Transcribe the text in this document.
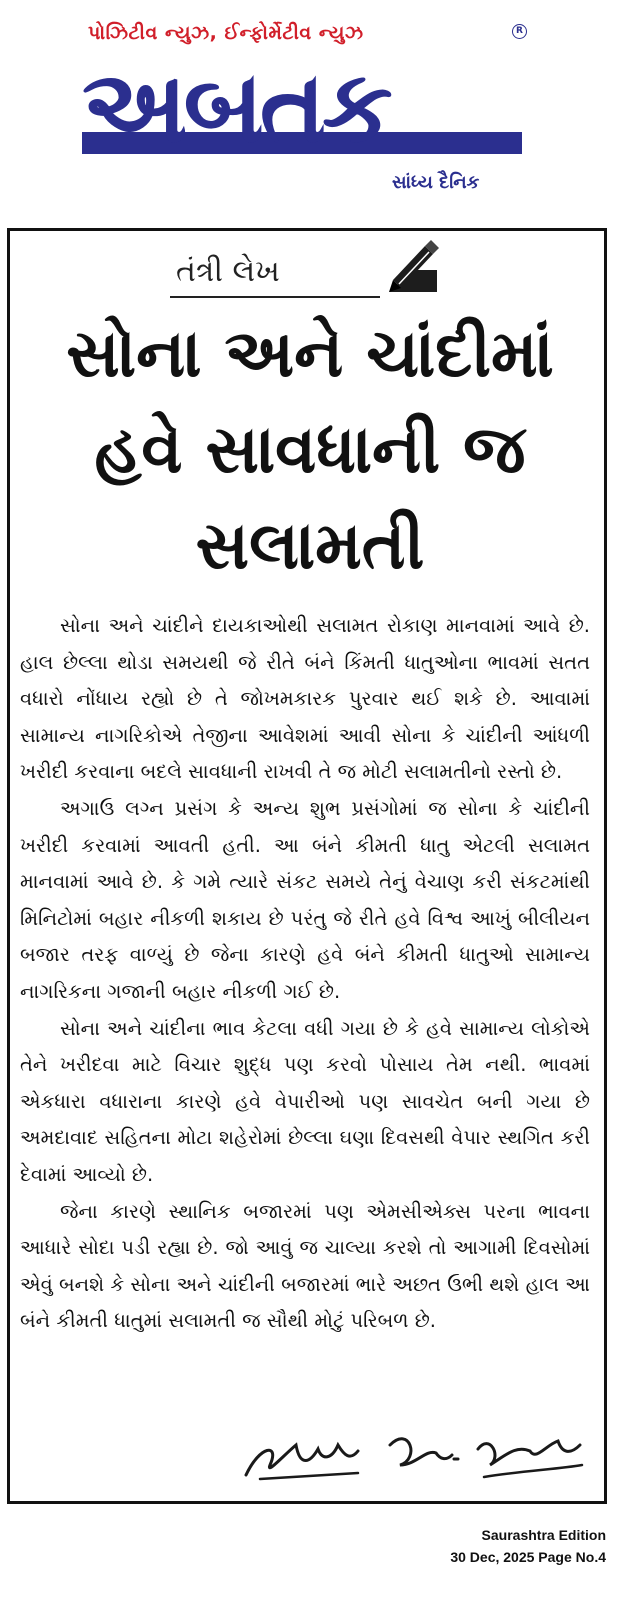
પોઝિટીવ ન્યુઝ, ઈન્ફોર્મેટીવ ન્યુઝ	R
અબતક
સાંધ્ય દૈનિક
તંત્રી લેખ
સોના અને ચાંદીમાં હવે સાવધાની જ સલામતી

સોના અને ચાંદીને દાયકાઓથી સલામત રોકાણ માનવામાં આવે છે. હાલ છેલ્લા થોડા સમયથી જે રીતે બંને કિંમતી ધાતુઓના ભાવમાં સતત વધારો નોંધાય રહ્યો છે તે જોખમકારક પુરવાર થઈ શકે છે. આવામાં સામાન્ય નાગરિકોએ તેજીના આવેશમાં આવી સોના કે ચાંદીની આંધળી ખરીદી કરવાના બદલે સાવધાની રાખવી તે જ મોટી સલામતીનો રસ્તો છે.

અગાઉ લગ્ન પ્રસંગ કે અન્ય શુભ પ્રસંગોમાં જ સોના કે ચાંદીની ખરીદી કરવામાં આવતી હતી. આ બંને કીમતી ધાતુ એટલી સલામત માનવામાં આવે છે. કે ગમે ત્યારે સંકટ સમયે તેનું વેચાણ કરી સંકટમાંથી મિનિટોમાં બહાર નીકળી શકાય છે પરંતુ જે રીતે હવે વિશ્વ આખું બીલીયન બજાર તરફ વાળ્યું છે જેના કારણે હવે બંને કીમતી ધાતુઓ સામાન્ય નાગરિકના ગજાની બહાર નીકળી ગઈ છે.

સોના અને ચાંદીના ભાવ કેટલા વધી ગયા છે કે હવે સામાન્ય લોકોએ તેને ખરીદવા માટે વિચાર શુદ્ધ પણ કરવો પોસાય તેમ નથી. ભાવમાં એકધારા વધારાના કારણે હવે વેપારીઓ પણ સાવચેત બની ગયા છે અમદાવાદ સહિતના મોટા શહેરોમાં છેલ્લા ઘણા દિવસથી વેપાર સ્થગિત કરી દેવામાં આવ્યો છે.

જેના કારણે સ્થાનિક બજારમાં પણ એમસીએક્સ પરના ભાવના આધારે સોદા પડી રહ્યા છે. જો આવું જ ચાલ્યા કરશે તો આગામી દિવસોમાં એવું બનશે કે સોના અને ચાંદીની બજારમાં ભારે અછત ઉભી થશે હાલ આ બંને કીમતી ધાતુમાં સલામતી જ સૌથી મોટું પરિબળ છે.

Saurashtra Edition
30 Dec, 2025 Page No.4
